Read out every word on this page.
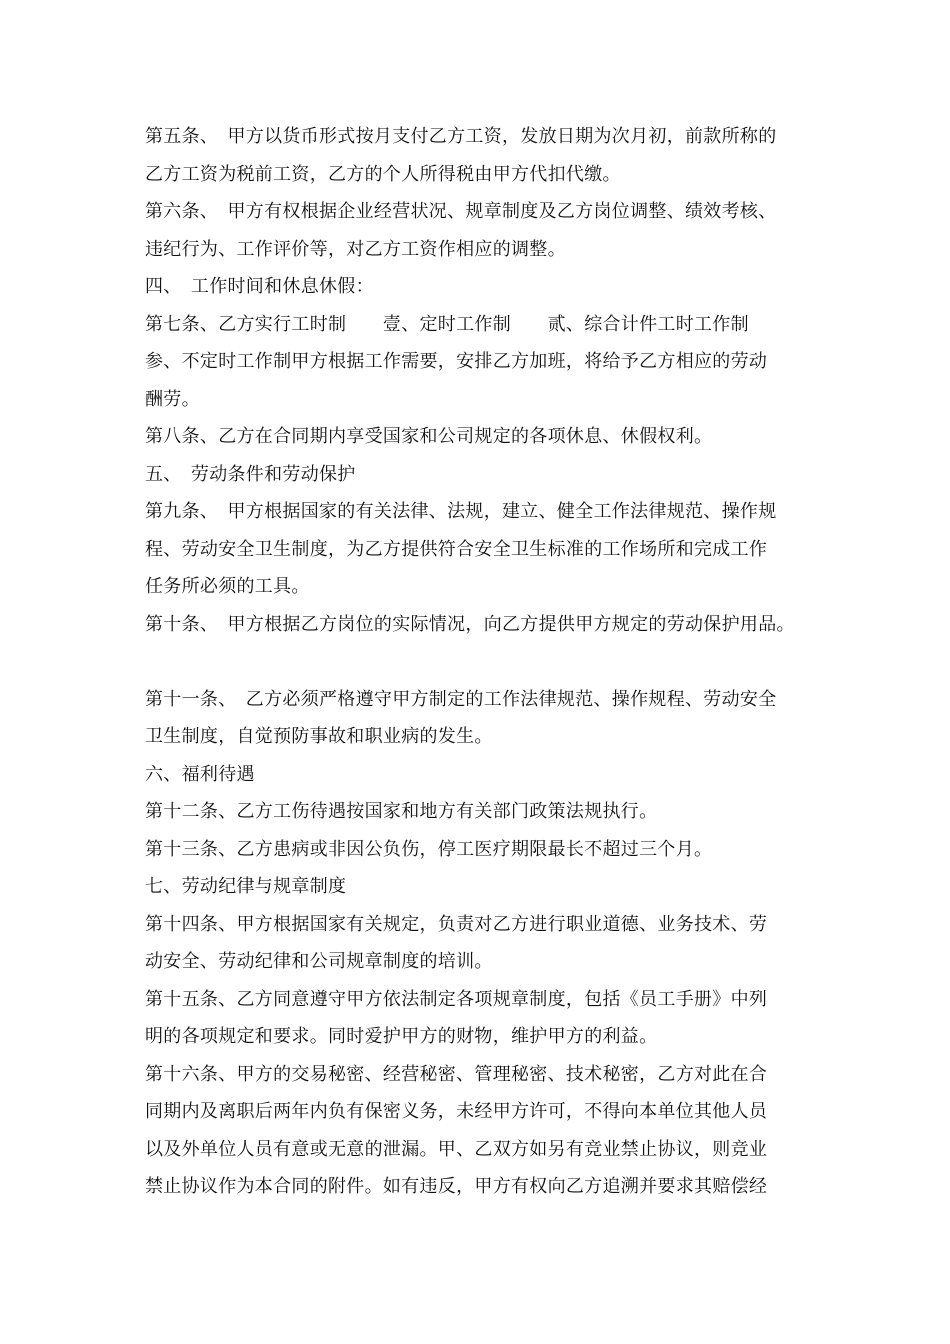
第五条、　甲方以货币形式按月支付乙方工资，发放日期为次月初，前款所称的
乙方工资为税前工资，乙方的个人所得税由甲方代扣代缴。
第六条、　甲方有权根据企业经营状况、规章制度及乙方岗位调整、绩效考核、
违纪行为、工作评价等，对乙方工资作相应的调整。
四、　工作时间和休息休假：
第七条、乙方实行工时制　　壹、定时工作制　　贰、综合计件工时工作制
参、不定时工作制甲方根据工作需要，安排乙方加班，将给予乙方相应的劳动
酬劳。
第八条、乙方在合同期内享受国家和公司规定的各项休息、休假权利。
五、　劳动条件和劳动保护
第九条、　甲方根据国家的有关法律、法规，建立、健全工作法律规范、操作规
程、劳动安全卫生制度，为乙方提供符合安全卫生标准的工作场所和完成工作
任务所必须的工具。
第十条、　甲方根据乙方岗位的实际情况，向乙方提供甲方规定的劳动保护用品。
第十一条、　乙方必须严格遵守甲方制定的工作法律规范、操作规程、劳动安全
卫生制度，自觉预防事故和职业病的发生。
六、福利待遇
第十二条、乙方工伤待遇按国家和地方有关部门政策法规执行。
第十三条、乙方患病或非因公负伤，停工医疗期限最长不超过三个月。
七、劳动纪律与规章制度
第十四条、甲方根据国家有关规定，负责对乙方进行职业道德、业务技术、劳
动安全、劳动纪律和公司规章制度的培训。
第十五条、乙方同意遵守甲方依法制定各项规章制度，包括《员工手册》中列
明的各项规定和要求。同时爱护甲方的财物，维护甲方的利益。
第十六条、甲方的交易秘密、经营秘密、管理秘密、技术秘密，乙方对此在合
同期内及离职后两年内负有保密义务，未经甲方许可，不得向本单位其他人员
以及外单位人员有意或无意的泄漏。甲、乙双方如另有竞业禁止协议，则竞业
禁止协议作为本合同的附件。如有违反，甲方有权向乙方追溯并要求其赔偿经
